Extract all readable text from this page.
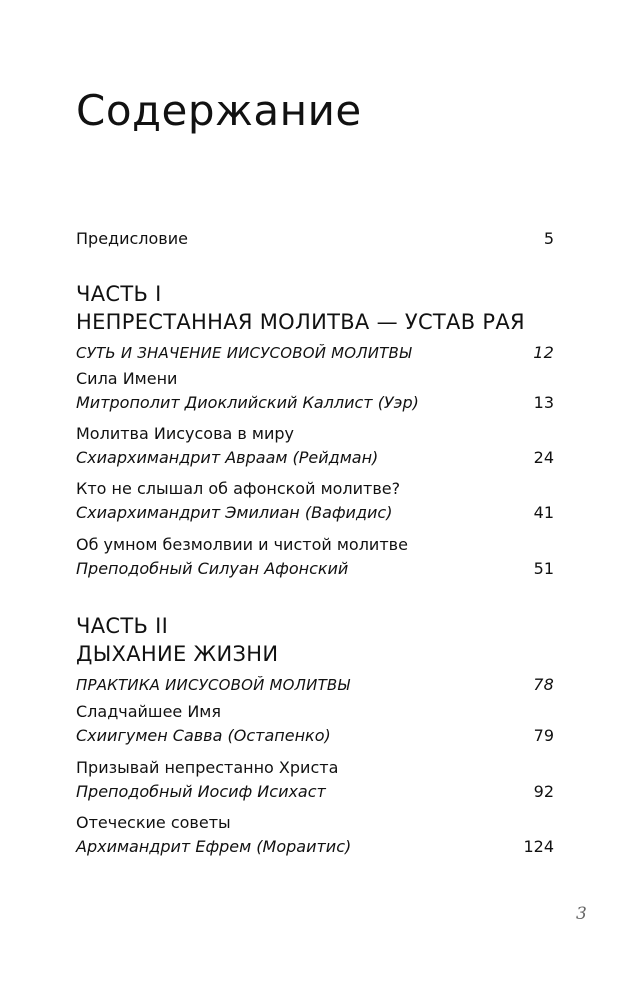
Содержание
Предисловие	5
ЧАСТЬ I
НЕПРЕСТАННАЯ МОЛИТВА — УСТАВ РАЯ
СУТЬ И ЗНАЧЕНИЕ ИИСУСОВОЙ МОЛИТВЫ	12
Сила Имени
Митрополит Диоклийский Каллист (Уэр)	13
Молитва Иисусова в миру
Схиархимандрит Авраам (Рейдман)	24
Кто не слышал об афонской молитве?
Схиархимандрит Эмилиан (Вафидис)	41
Об умном безмолвии и чистой молитве
Преподобный Силуан Афонский	51
ЧАСТЬ II
ДЫХАНИЕ ЖИЗНИ
ПРАКТИКА ИИСУСОВОЙ МОЛИТВЫ	78
Сладчайшее Имя
Схиигумен Савва (Остапенко)	79
Призывай непрестанно Христа
Преподобный Иосиф Исихаст	92
Отеческие советы
Архимандрит Ефрем (Мораитис)	124
3
